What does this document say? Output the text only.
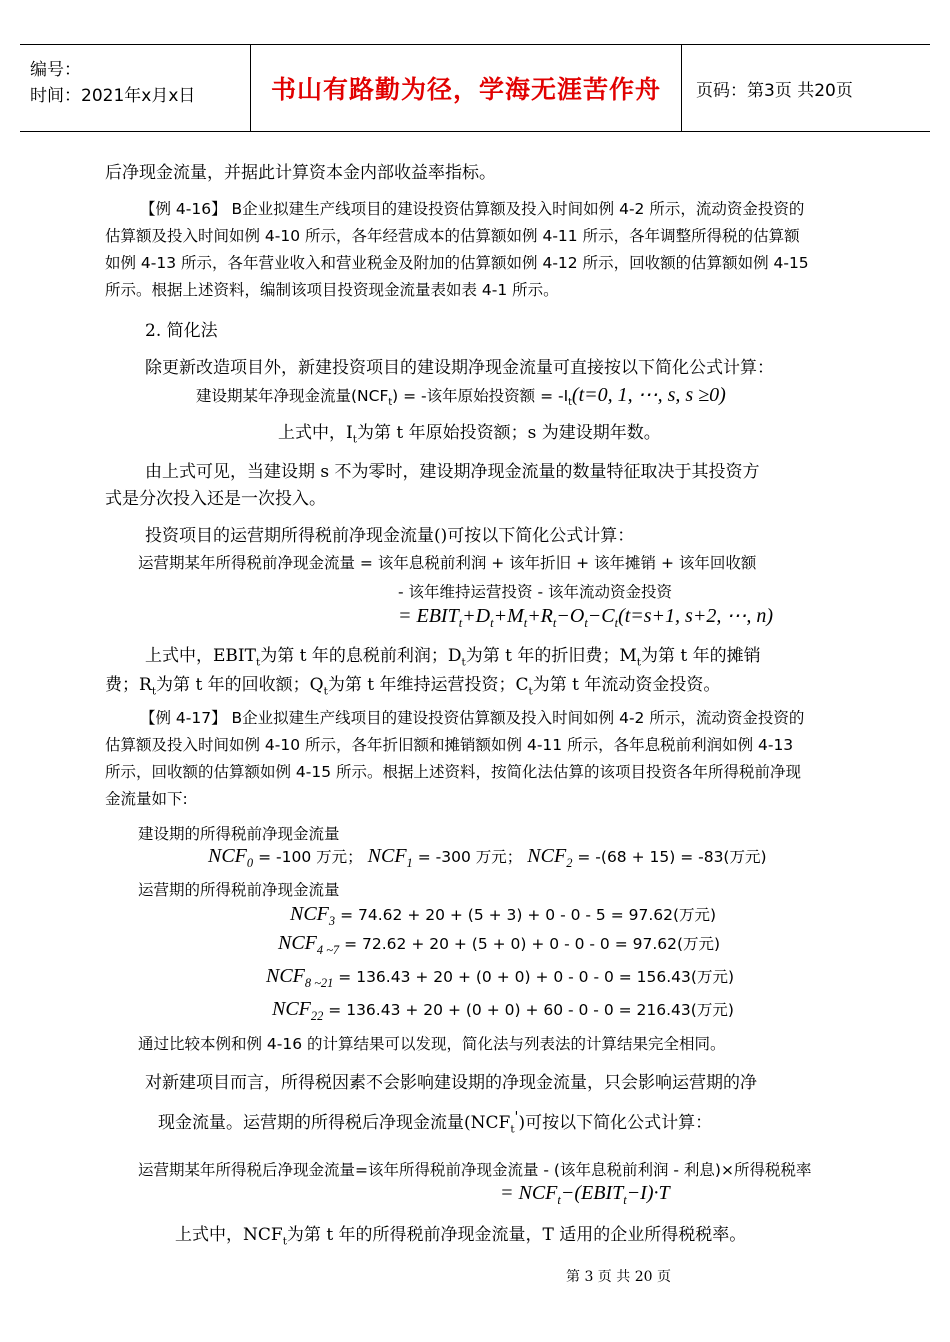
编号：
时间：2021年x月x日	书山有路勤为径，学海无涯苦作舟	页码：第3页 共20页
后净现金流量，并据此计算资本金内部收益率指标。
【例 4-16】 B企业拟建生产线项目的建设投资估算额及投入时间如例 4-2 所示，流动资金投资的
估算额及投入时间如例 4-10 所示，各年经营成本的估算额如例 4-11 所示，各年调整所得税的估算额
如例 4-13 所示，各年营业收入和营业税金及附加的估算额如例 4-12 所示，回收额的估算额如例 4-15
所示。根据上述资料，编制该项目投资现金流量表如表 4-1 所示。
2. 简化法
除更新改造项目外，新建投资项目的建设期净现金流量可直接按以下简化公式计算：
建设期某年净现金流量$(NCF_t)$ = -该年原始投资额 = $-I_t(t=0$, 1, ⋯, s, s ≥0)
上式中，$I_t$为第 t 年原始投资额；s 为建设期年数。
由上式可见，当建设期 s 不为零时，建设期净现金流量的数量特征取决于其投资方
式是分次投入还是一次投入。
投资项目的运营期所得税前净现金流量()可按以下简化公式计算：
运营期某年所得税前净现金流量 = 该年息税前利润 + 该年折旧 + 该年摊销 + 该年回收额
- 该年维持运营投资 - 该年流动资金投资
= $EBIT_t+D_t+M_t+R_t-O_t-C_t(t=s+1$, s+2, ⋯, n)
上式中，$EBIT_t$为第 t 年的息税前利润；$D_t$为第 t 年的折旧费；$M_t$为第 t 年的摊销
费；$R_t$为第 t 年的回收额；$Q_t$为第 t 年维持运营投资；$C_t$为第 t 年流动资金投资。
【例 4-17】 B企业拟建生产线项目的建设投资估算额及投入时间如例 4-2 所示，流动资金投资的
估算额及投入时间如例 4-10 所示，各年折旧额和摊销额如例 4-11 所示，各年息税前利润如例 4-13
所示，回收额的估算额如例 4-15 所示。根据上述资料，按简化法估算的该项目投资各年所得税前净现
金流量如下:
建设期的所得税前净现金流量
$NCF_0 = -100$ 万元； $NCF_1 = -300$ 万元； $NCF_2 = -(68 + 15) = -83$(万元)
运营期的所得税前净现金流量
$NCF_3 = 74.62 + 20 + (5 + 3) + 0 - 0 - 5 = 97.62$(万元)
$NCF_{4 \sim 7} = 72.62 + 20 + (5 + 0) + 0 - 0 - 0 = 97.62$(万元)
$NCF_{8 \sim 21} = 136.43 + 20 + (0 + 0) + 0 - 0 - 0 = 156.43$(万元)
$NCF_{22} = 136.43 + 20 + (0 + 0) + 60 - 0 - 0 = 216.43$(万元)
通过比较本例和例 4-16 的计算结果可以发现，简化法与列表法的计算结果完全相同。
对新建项目而言，所得税因素不会影响建设期的净现金流量，只会影响运营期的净
现金流量。运营期的所得税后净现金流量$(NCF_t')$可按以下简化公式计算：
运营期某年所得税后净现金流量=该年所得税前净现金流量 - (该年息税前利润 - 利息)×所得税税率
= $NCF_t-(EBIT_t-I)\cdot T$
上式中，$NCF_t$为第 t 年的所得税前净现金流量，T 适用的企业所得税税率。
第 3 页 共 20 页
